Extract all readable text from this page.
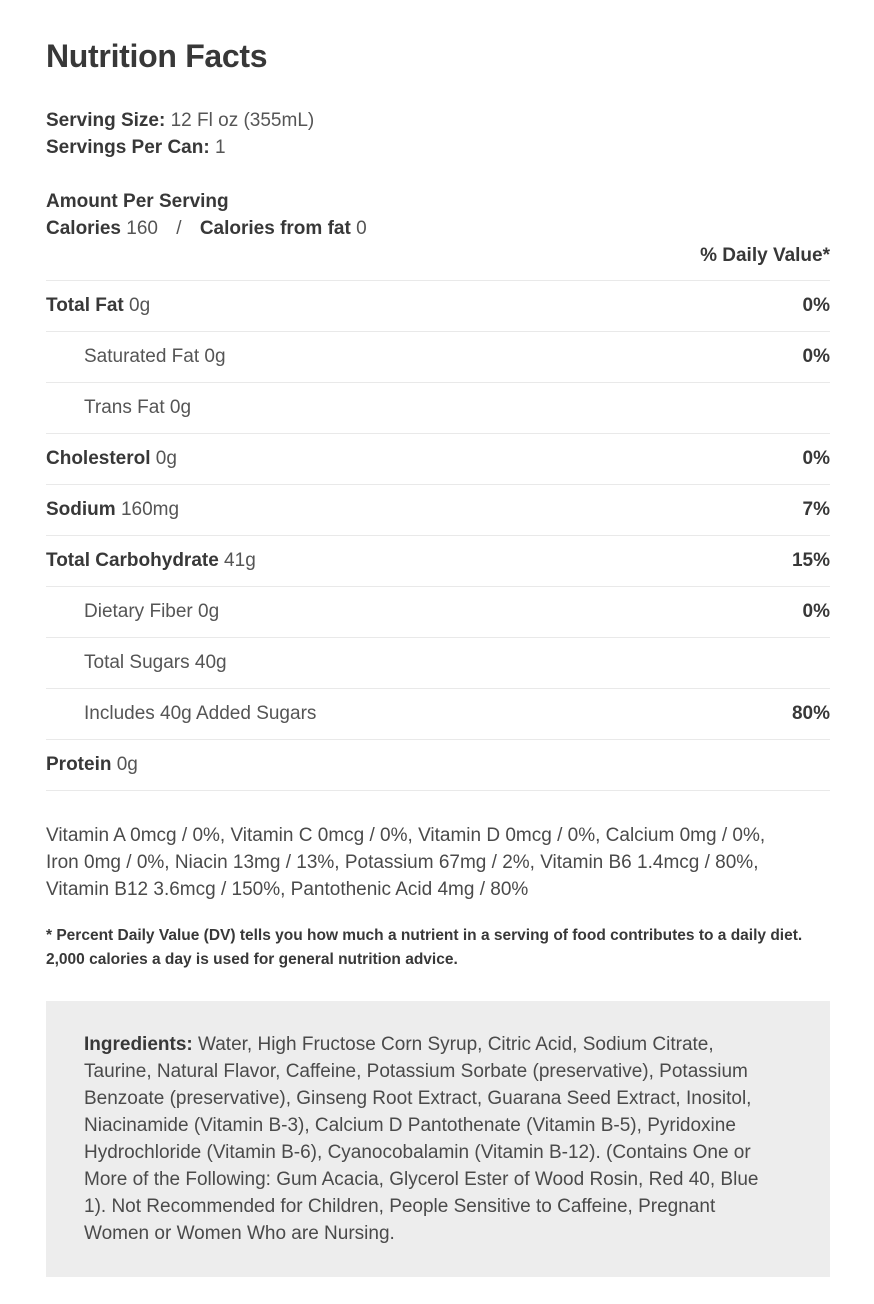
Nutrition Facts
Serving Size: 12 Fl oz (355mL)
Servings Per Can: 1
Amount Per Serving
Calories 160 / Calories from fat 0
% Daily Value*
Total Fat 0g	0%
Saturated Fat 0g	0%
Trans Fat 0g
Cholesterol 0g	0%
Sodium 160mg	7%
Total Carbohydrate 41g	15%
Dietary Fiber 0g	0%
Total Sugars 40g
Includes 40g Added Sugars	80%
Protein 0g

Vitamin A 0mcg / 0%, Vitamin C 0mcg / 0%, Vitamin D 0mcg / 0%, Calcium 0mg / 0%, Iron 0mg / 0%, Niacin 13mg / 13%, Potassium 67mg / 2%, Vitamin B6 1.4mcg / 80%, Vitamin B12 3.6mcg / 150%, Pantothenic Acid 4mg / 80%

* Percent Daily Value (DV) tells you how much a nutrient in a serving of food contributes to a daily diet. 2,000 calories a day is used for general nutrition advice.

Ingredients: Water, High Fructose Corn Syrup, Citric Acid, Sodium Citrate, Taurine, Natural Flavor, Caffeine, Potassium Sorbate (preservative), Potassium Benzoate (preservative), Ginseng Root Extract, Guarana Seed Extract, Inositol, Niacinamide (Vitamin B-3), Calcium D Pantothenate (Vitamin B-5), Pyridoxine Hydrochloride (Vitamin B-6), Cyanocobalamin (Vitamin B-12). (Contains One or More of the Following: Gum Acacia, Glycerol Ester of Wood Rosin, Red 40, Blue 1). Not Recommended for Children, People Sensitive to Caffeine, Pregnant Women or Women Who are Nursing.
